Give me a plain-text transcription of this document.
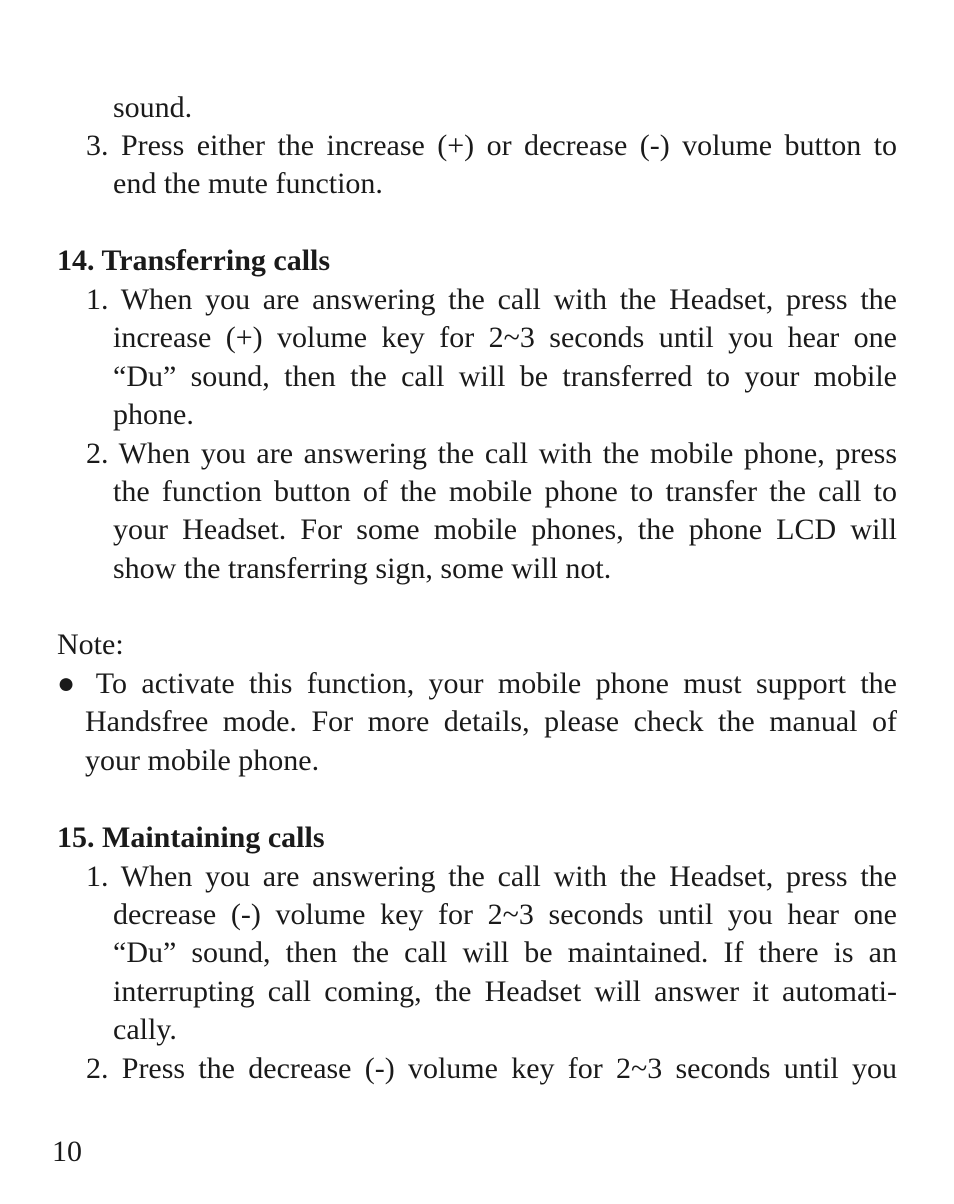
sound.
3. Press either the increase (+) or decrease (-) volume button to
end the mute function.
14. Transferring calls
1. When you are answering the call with the Headset, press the
increase (+) volume key for 2~3 seconds until you hear one
“Du” sound, then the call will be transferred to your mobile
phone.
2. When you are answering the call with the mobile phone, press
the function button of the mobile phone to transfer the call to
your Headset. For some mobile phones, the phone LCD will
show the transferring sign, some will not.
Note:
● To activate this function, your mobile phone must support the
Handsfree mode. For more details, please check the manual of
your mobile phone.
15. Maintaining calls
1. When you are answering the call with the Headset, press the
decrease (-) volume key for 2~3 seconds until you hear one
“Du” sound, then the call will be maintained. If there is an
interrupting call coming, the Headset will answer it automati-
cally.
2. Press the decrease (-) volume key for 2~3 seconds until you
10
